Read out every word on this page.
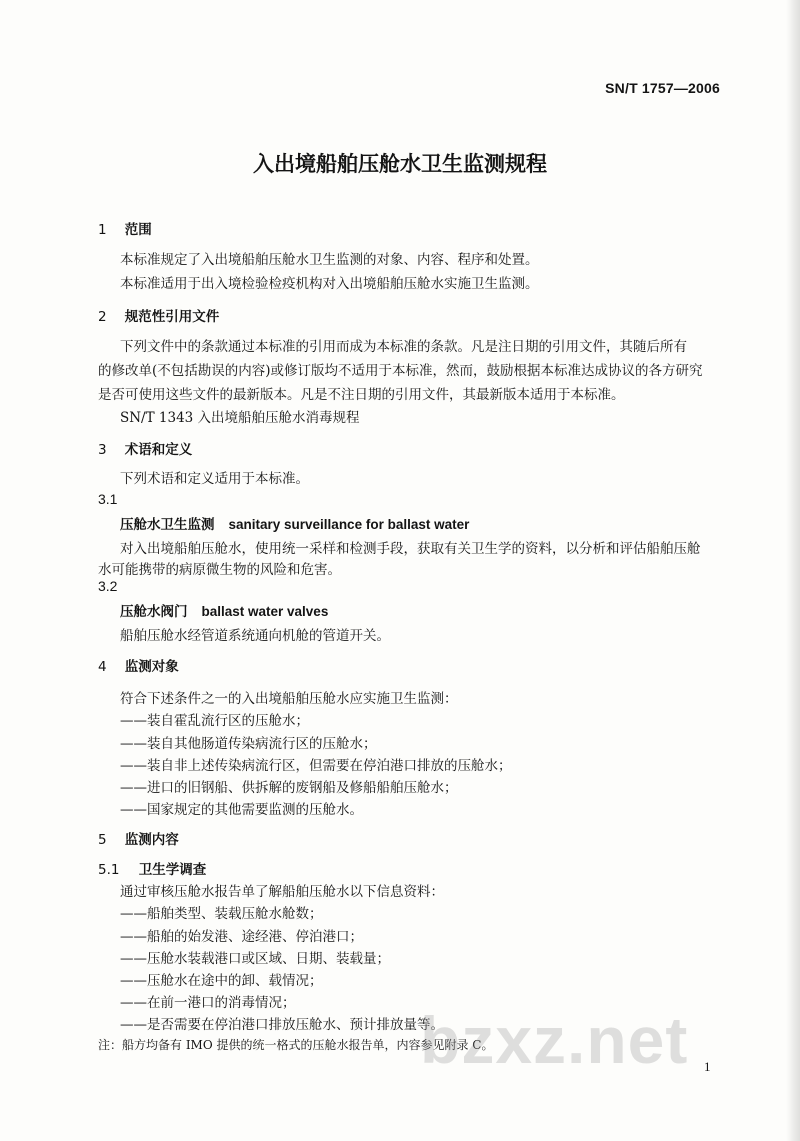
SN/T 1757—2006
入出境船舶压舱水卫生监测规程
1 范围
本标准规定了入出境船舶压舱水卫生监测的对象、内容、程序和处置。
本标准适用于出入境检验检疫机构对入出境船舶压舱水实施卫生监测。
2 规范性引用文件
下列文件中的条款通过本标准的引用而成为本标准的条款。凡是注日期的引用文件，其随后所有
的修改单(不包括勘误的内容)或修订版均不适用于本标准，然而，鼓励根据本标准达成协议的各方研究
是否可使用这些文件的最新版本。凡是不注日期的引用文件，其最新版本适用于本标准。
SN/T 1343 入出境船舶压舱水消毒规程
3 术语和定义
下列术语和定义适用于本标准。
3.1
压舱水卫生监测 sanitary surveillance for ballast water
对入出境船舶压舱水，使用统一采样和检测手段，获取有关卫生学的资料，以分析和评估船舶压舱
水可能携带的病原微生物的风险和危害。
3.2
压舱水阀门 ballast water valves
船舶压舱水经管道系统通向机舱的管道开关。
4 监测对象
符合下述条件之一的入出境船舶压舱水应实施卫生监测：
——装自霍乱流行区的压舱水；
——装自其他肠道传染病流行区的压舱水；
——装自非上述传染病流行区，但需要在停泊港口排放的压舱水；
——进口的旧钢船、供拆解的废钢船及修船船舶压舱水；
——国家规定的其他需要监测的压舱水。
5 监测内容
5.1 卫生学调查
通过审核压舱水报告单了解船舶压舱水以下信息资料：
——船舶类型、装载压舱水舱数；
——船舶的始发港、途经港、停泊港口；
——压舱水装载港口或区域、日期、装载量；
——压舱水在途中的卸、载情况；
——在前一港口的消毒情况；
——是否需要在停泊港口排放压舱水、预计排放量等。
注：船方均备有 IMO 提供的统一格式的压舱水报告单，内容参见附录 C。
bzxz.net 1
